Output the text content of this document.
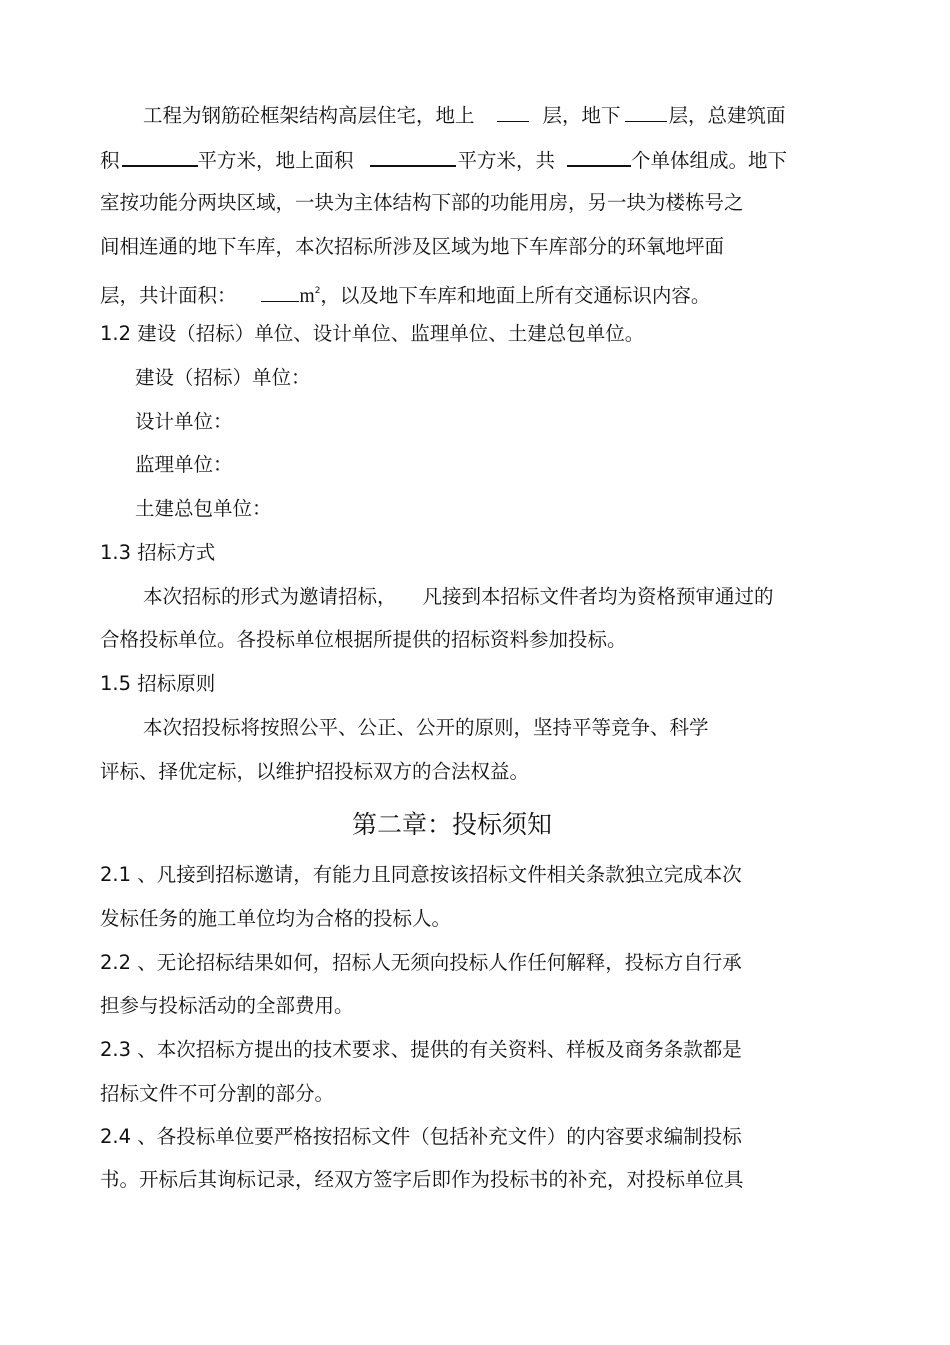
工程为钢筋砼框架结构高层住宅，地上	层，地下 层，总建筑面
积	平方米，地上面积	平方米，共	个单体组成。地下
室按功能分两块区域，一块为主体结构下部的功能用房，另一块为楼栋号之
间相连通的地下车库，本次招标所涉及区域为地下车库部分的环氧地坪面
层，共计面积：	$m^2$，以及地下车库和地面上所有交通标识内容。
1.2 建设（招标）单位、设计单位、监理单位、土建总包单位。
建设（招标）单位：
设计单位：
监理单位：
土建总包单位：
1.3 招标方式
本次招标的形式为邀请招标， 凡接到本招标文件者均为资格预审通过的
合格投标单位。各投标单位根据所提供的招标资料参加投标。
1.5 招标原则
本次招投标将按照公平、公正、公开的原则，坚持平等竞争、科学
评标、择优定标，以维护招投标双方的合法权益。
第二章：投标须知
2.1 、凡接到招标邀请，有能力且同意按该招标文件相关条款独立完成本次
发标任务的施工单位均为合格的投标人。
2.2 、无论招标结果如何，招标人无须向投标人作任何解释，投标方自行承
担参与投标活动的全部费用。
2.3 、本次招标方提出的技术要求、提供的有关资料、样板及商务条款都是
招标文件不可分割的部分。
2.4 、各投标单位要严格按招标文件（包括补充文件）的内容要求编制投标
书。开标后其询标记录，经双方签字后即作为投标书的补充，对投标单位具
